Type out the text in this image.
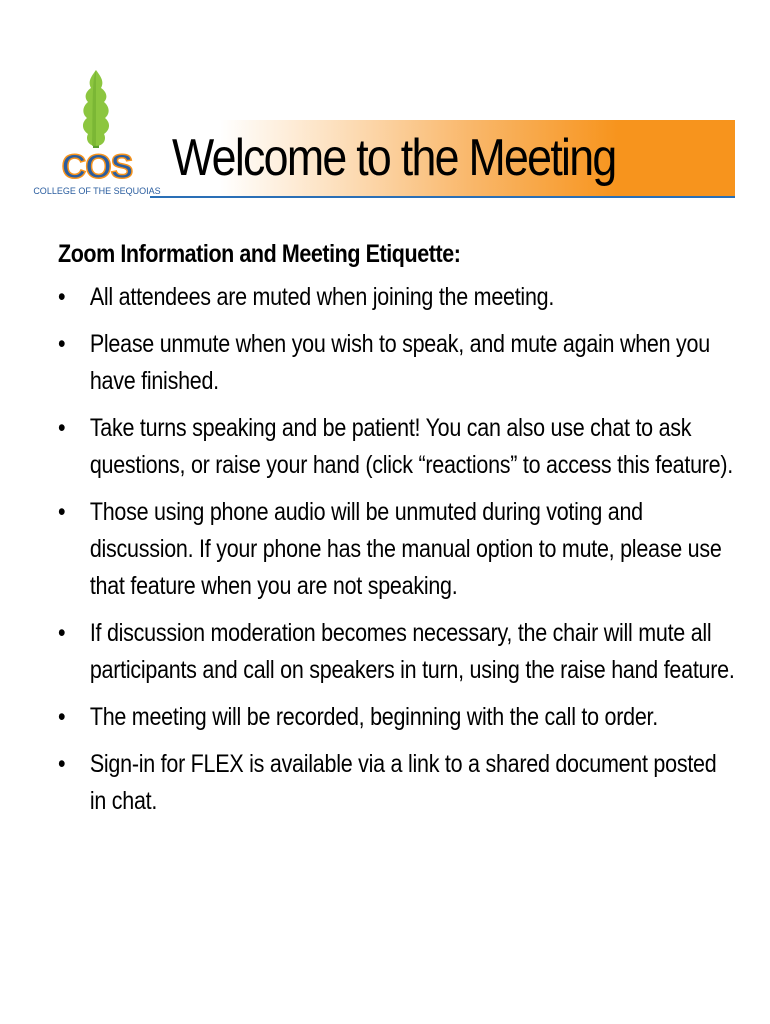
COS
COLLEGE OF THE SEQUOIAS
Welcome to the Meeting
Zoom Information and Meeting Etiquette:
• All attendees are muted when joining the meeting.
• Please unmute when you wish to speak, and mute again when you have finished.
• Take turns speaking and be patient! You can also use chat to ask questions, or raise your hand (click “reactions” to access this feature).
• Those using phone audio will be unmuted during voting and discussion. If your phone has the manual option to mute, please use that feature when you are not speaking.
• If discussion moderation becomes necessary, the chair will mute all participants and call on speakers in turn, using the raise hand feature.
• The meeting will be recorded, beginning with the call to order.
• Sign-in for FLEX is available via a link to a shared document posted in chat.
